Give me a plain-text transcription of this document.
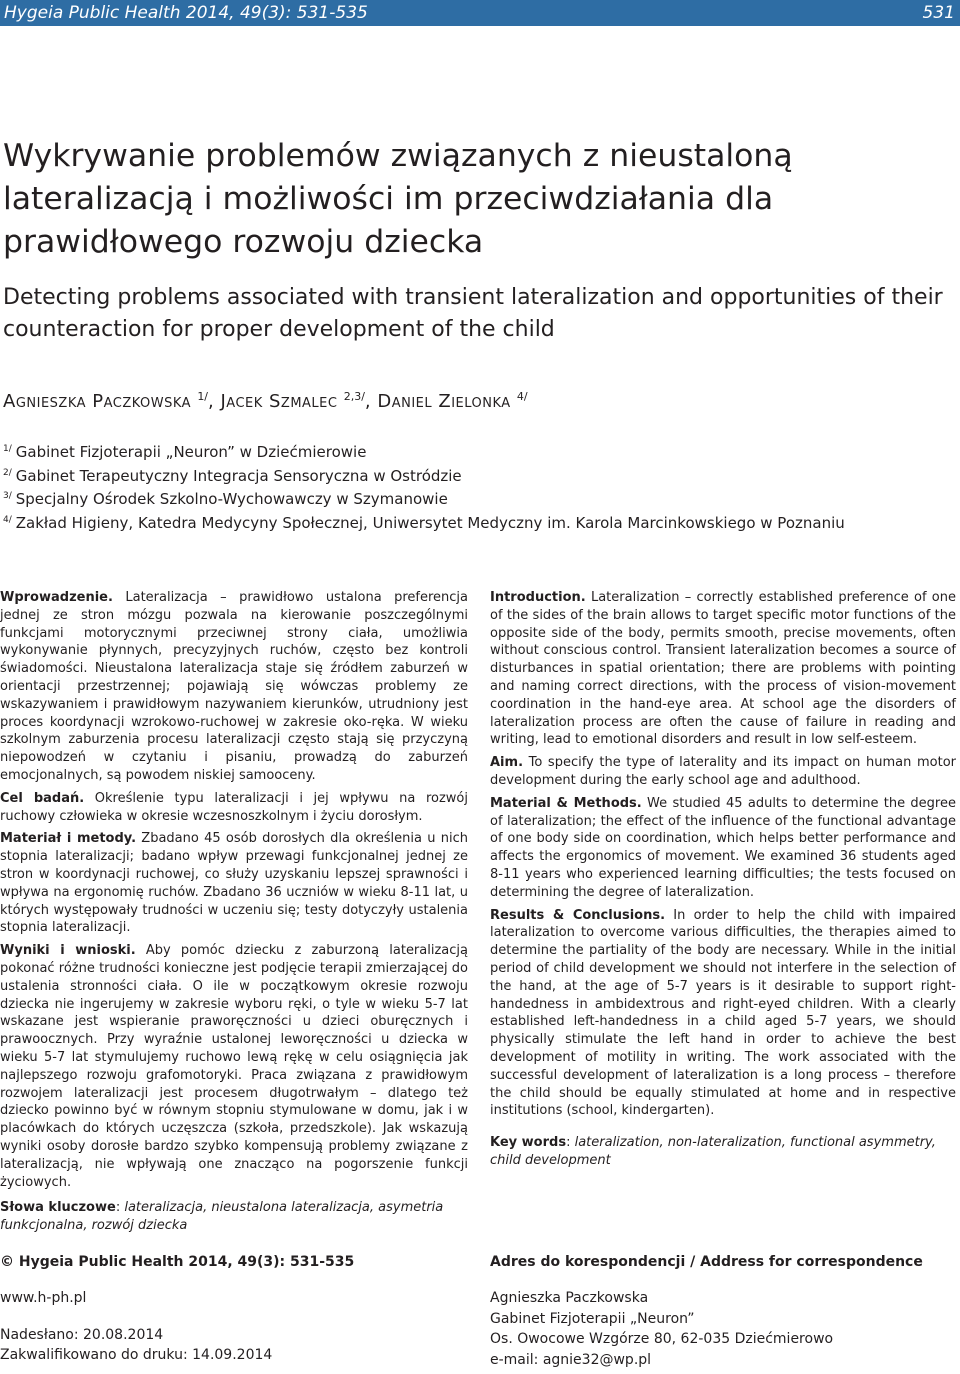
Hygeia Public Health 2014, 49(3): 531-535	531
Wykrywanie problemów związanych z nieustaloną lateralizacją i możliwości im przeciwdziałania dla prawidłowego rozwoju dziecka
Detecting problems associated with transient lateralization and opportunities of their counteraction for proper development of the child
Agnieszka Paczkowska $^{1/}$, Jacek Szmalec $^{2,3/}$, Daniel Zielonka $^{4/}$
$^{1/}$ Gabinet Fizjoterapii „Neuron” w Dziećmierowie
$^{2/}$ Gabinet Terapeutyczny Integracja Sensoryczna w Ostródzie
$^{3/}$ Specjalny Ośrodek Szkolno-Wychowawczy w Szymanowie
$^{4/}$ Zakład Higieny, Katedra Medycyny Społecznej, Uniwersytet Medyczny im. Karola Marcinkowskiego w Poznaniu

Wprowadzenie. Lateralizacja – prawidłowo ustalona preferencja jednej ze stron mózgu pozwala na kierowanie poszczególnymi funkcjami motorycznymi przeciwnej strony ciała, umożliwia wykonywanie płynnych, precyzyjnych ruchów, często bez kontroli świadomości. Nieustalona lateralizacja staje się źródłem zaburzeń w orientacji przestrzennej; pojawiają się wówczas problemy ze wskazywaniem i prawidłowym nazywaniem kierunków, utrudniony jest proces koordynacji wzrokowo-ruchowej w zakresie oko-ręka. W wieku szkolnym zaburzenia procesu lateralizacji często stają się przyczyną niepowodzeń w czytaniu i pisaniu, prowadzą do zaburzeń emocjonalnych, są powodem niskiej samooceny.

Cel badań. Określenie typu lateralizacji i jej wpływu na rozwój ruchowy człowieka w okresie wczesnoszkolnym i życiu dorosłym.

Materiał i metody. Zbadano 45 osób dorosłych dla określenia u nich stopnia lateralizacji; badano wpływ przewagi funkcjonalnej jednej ze stron w koordynacji ruchowej, co służy uzyskaniu lepszej sprawności i wpływa na ergonomię ruchów. Zbadano 36 uczniów w wieku 8-11 lat, u których występowały trudności w uczeniu się; testy dotyczyły ustalenia stopnia lateralizacji.

Wyniki i wnioski. Aby pomóc dziecku z zaburzoną lateralizacją pokonać różne trudności konieczne jest podjęcie terapii zmierzającej do ustalenia stronności ciała. O ile w początkowym okresie rozwoju dziecka nie ingerujemy w zakresie wyboru ręki, o tyle w wieku 5-7 lat wskazane jest wspieranie praworęczności u dzieci oburęcznych i prawoocznych. Przy wyraźnie ustalonej leworęczności u dziecka w wieku 5-7 lat stymulujemy ruchowo lewą rękę w celu osiągnięcia jak najlepszego rozwoju grafomotoryki. Praca związana z prawidłowym rozwojem lateralizacji jest procesem długotrwałym – dlatego też dziecko powinno być w równym stopniu stymulowane w domu, jak i w placówkach do których uczęszcza (szkoła, przedszkole). Jak wskazują wyniki osoby dorosłe bardzo szybko kompensują problemy związane z lateralizacją, nie wpływają one znacząco na pogorszenie funkcji życiowych.

Introduction. Lateralization – correctly established preference of one of the sides of the brain allows to target specific motor functions of the opposite side of the body, permits smooth, precise movements, often without conscious control. Transient lateralization becomes a source of disturbances in spatial orientation; there are problems with pointing and naming correct directions, with the process of vision-movement coordination in the hand-eye area. At school age the disorders of lateralization process are often the cause of failure in reading and writing, lead to emotional disorders and result in low self-esteem.

Aim. To specify the type of laterality and its impact on human motor development during the early school age and adulthood.

Material & Methods. We studied 45 adults to determine the degree of lateralization; the effect of the influence of the functional advantage of one body side on coordination, which helps better performance and affects the ergonomics of movement. We examined 36 students aged 8-11 years who experienced learning difficulties; the tests focused on determining the degree of lateralization.

Results & Conclusions. In order to help the child with impaired lateralization to overcome various difficulties, the therapies aimed to determine the partiality of the body are necessary. While in the initial period of child development we should not interfere in the selection of the hand, at the age of 5-7 years is it desirable to support right-handedness in ambidextrous and right-eyed children. With a clearly established left-handedness in a child aged 5-7 years, we should physically stimulate the left hand in order to achieve the best development of motility in writing. The work associated with the successful development of lateralization is a long process – therefore the child should be equally stimulated at home and in respective institutions (school, kindergarten).

Key words: lateralization, non-lateralization, functional asymmetry, child development

Słowa kluczowe: lateralizacja, nieustalona lateralizacja, asymetria funkcjonalna, rozwój dziecka
© Hygeia Public Health 2014, 49(3): 531-535
www.h-ph.pl
Nadesłano: 20.08.2014
Zakwalifikowano do druku: 14.09.2014
Adres do korespondencji / Address for correspondence
Agnieszka Paczkowska
Gabinet Fizjoterapii „Neuron”
Os. Owocowe Wzgórze 80, 62-035 Dziećmierowo
e-mail: agnie32@wp.pl
